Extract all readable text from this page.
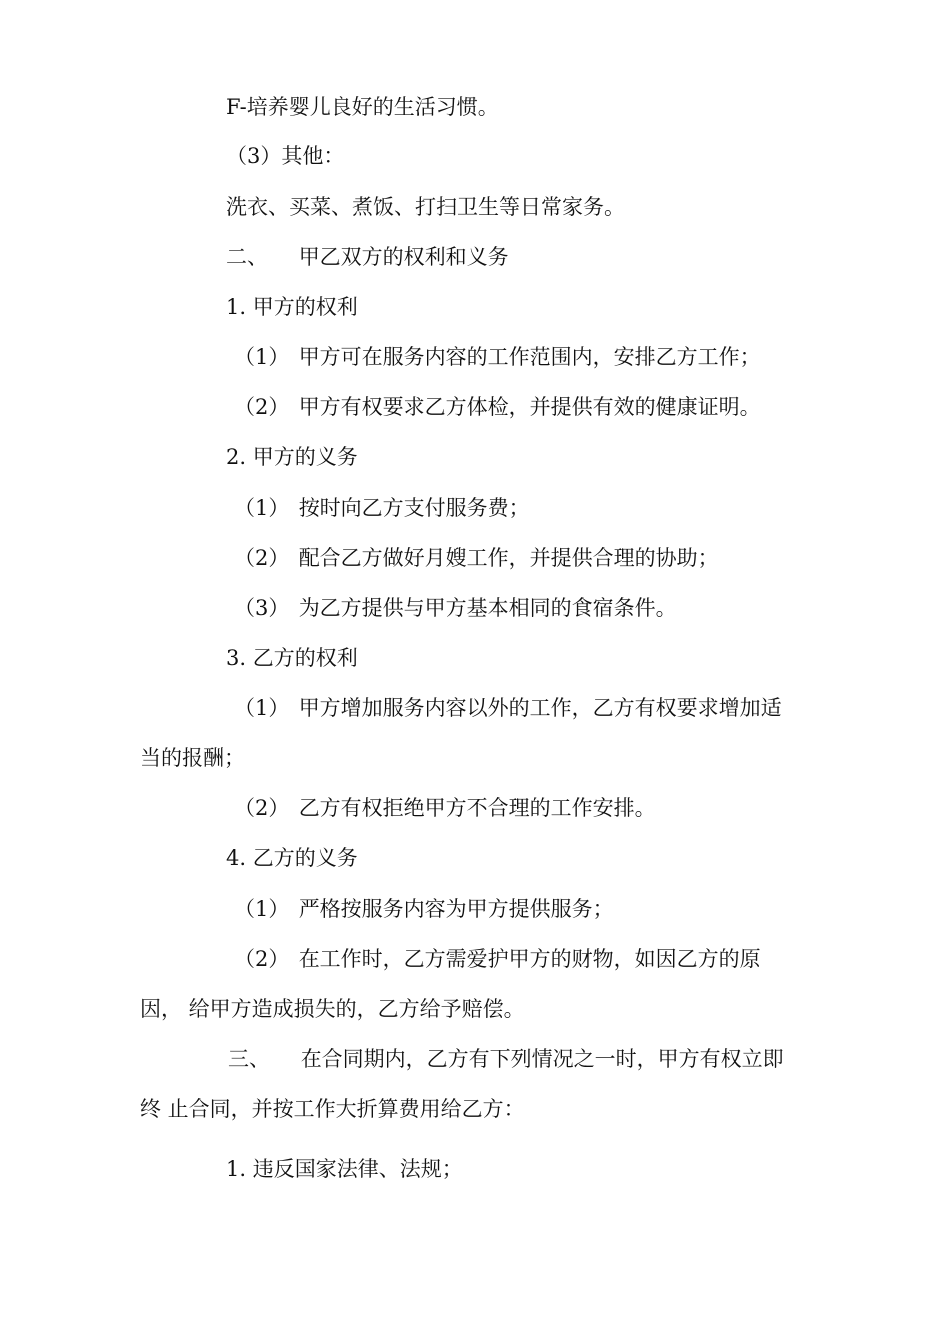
F-培养婴儿良好的生活习惯。
（3）其他：
洗衣、买菜、煮饭、打扫卫生等日常家务。
二、 甲乙双方的权利和义务
1. 甲方的权利
（1） 甲方可在服务内容的工作范围内，安排乙方工作；
（2） 甲方有权要求乙方体检，并提供有效的健康证明。
2. 甲方的义务
（1） 按时向乙方支付服务费；
（2） 配合乙方做好月嫂工作，并提供合理的协助；
（3） 为乙方提供与甲方基本相同的食宿条件。
3. 乙方的权利
（1） 甲方增加服务内容以外的工作，乙方有权要求增加适
当的报酬；
（2） 乙方有权拒绝甲方不合理的工作安排。
4. 乙方的义务
（1） 严格按服务内容为甲方提供服务；
（2） 在工作时，乙方需爱护甲方的财物，如因乙方的原
因， 给甲方造成损失的，乙方给予赔偿。
三、 在合同期内，乙方有下列情况之一时，甲方有权立即
终 止合同，并按工作大折算费用给乙方：
1. 违反国家法律、法规；
